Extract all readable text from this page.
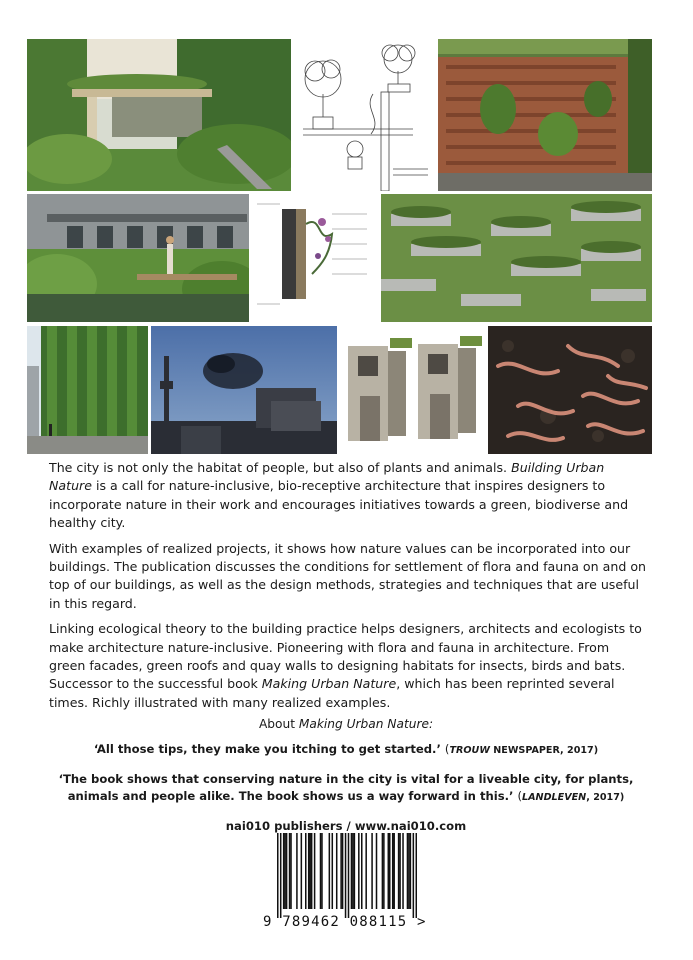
The city is not only the habitat of people, but also of plants and animals. Building Urban Nature is a call for nature-inclusive, bio-receptive architecture that inspires designers to incorporate nature in their work and encourages initiatives towards a green, biodiverse and healthy city.

With examples of realized projects, it shows how nature values can be incorporated into our buildings. The publication discusses the conditions for settlement of flora and fauna on and on top of our buildings, as well as the design methods, strategies and techniques that are useful in this regard.

Linking ecological theory to the building practice helps designers, architects and ecologists to make architecture nature-inclusive. Pioneering with flora and fauna in architecture. From green facades, green roofs and quay walls to designing habitats for insects, birds and bats. Successor to the successful book Making Urban Nature, which has been reprinted several times. Richly illustrated with many realized examples.

About Making Urban Nature:

‘All those tips, they make you itching to get started.’ (TROUW NEWSPAPER, 2017)

‘The book shows that conserving nature in the city is vital for a liveable city, for plants, animals and people alike. The book shows us a way forward in this.’ (LANDLEVEN, 2017)

nai010 publishers / www.nai010.com

9 789462 088115 >
